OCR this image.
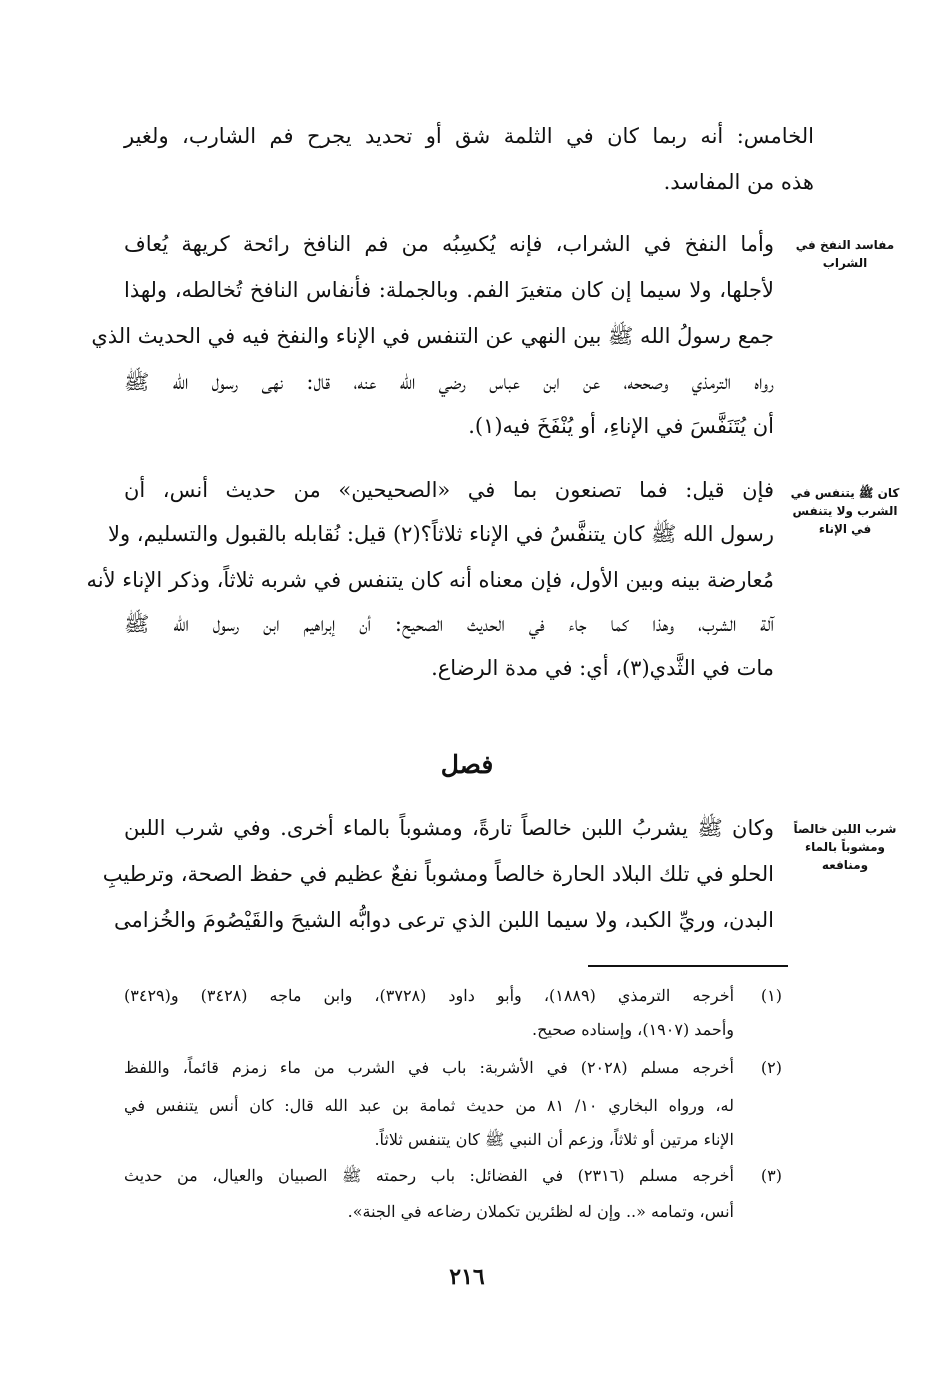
الخامس: أنه ربما كان في الثلمة شق أو تحديد يجرح فم الشارب، ولغير
هذه من المفاسد.
مفاسد النفخ في الشراب
وأما النفخ في الشراب، فإنه يُكسِبُه من فم النافخ رائحة كريهة يُعاف
لأجلها، ولا سيما إن كان متغيرَ الفم. وبالجملة: فأنفاس النافخ تُخالطه، ولهذا
جمع رسولُ الله ﷺ بين النهي عن التنفس في الإناء والنفخ فيه في الحديث الذي
رواه الترمذي وصححه، عن ابن عباس رضي الله عنه، قال: نهى رسول الله ﷺ
أن يُتَنَفَّسَ في الإناءِ، أو يُنْفَخَ فيه(١).
كان ﷺ يتنفس في الشرب ولا يتنفس في الإناء
فإن قيل: فما تصنعون بما في «الصحيحين» من حديث أنس، أن
رسول الله ﷺ كان يتنفَّسُ في الإناء ثلاثاً؟(٢) قيل: نُقابله بالقبول والتسليم، ولا
مُعارضة بينه وبين الأول، فإن معناه أنه كان يتنفس في شربه ثلاثاً، وذكر الإناء لأنه
آلة الشرب، وهذا كما جاء في الحديث الصحيح: أن إبراهيم ابن رسول الله ﷺ
مات في الثَّدي(٣)، أي: في مدة الرضاع.
فصل
شرب اللبن خالصاً ومشوباً بالماء ومنافعه
وكان ﷺ يشربُ اللبن خالصاً تارةً، ومشوباً بالماء أخرى. وفي شرب اللبن
الحلو في تلك البلاد الحارة خالصاً ومشوباً نفعٌ عظيم في حفظ الصحة، وترطيبِ
البدن، وريِّ الكبد، ولا سيما اللبن الذي ترعى دوابُّه الشيحَ والقَيْصُومَ والخُزامى
(١)
أخرجه الترمذي (١٨٨٩)، وأبو داود (٣٧٢٨)، وابن ماجه (٣٤٢٨) و(٣٤٢٩)
وأحمد (١٩٠٧)، وإسناده صحيح.
(٢)
أخرجه مسلم (٢٠٢٨) في الأشربة: باب في الشرب من ماء زمزم قائماً، واللفظ
له، ورواه البخاري ١٠/ ٨١ من حديث ثمامة بن عبد الله قال: كان أنس يتنفس في
الإناء مرتين أو ثلاثاً، وزعم أن النبي ﷺ كان يتنفس ثلاثاً.
(٣)
أخرجه مسلم (٢٣١٦) في الفضائل: باب رحمته ﷺ الصبيان والعيال، من حديث
أنس، وتمامه «.. وإن له لظئرين تكملان رضاعه في الجنة».
٢١٦
